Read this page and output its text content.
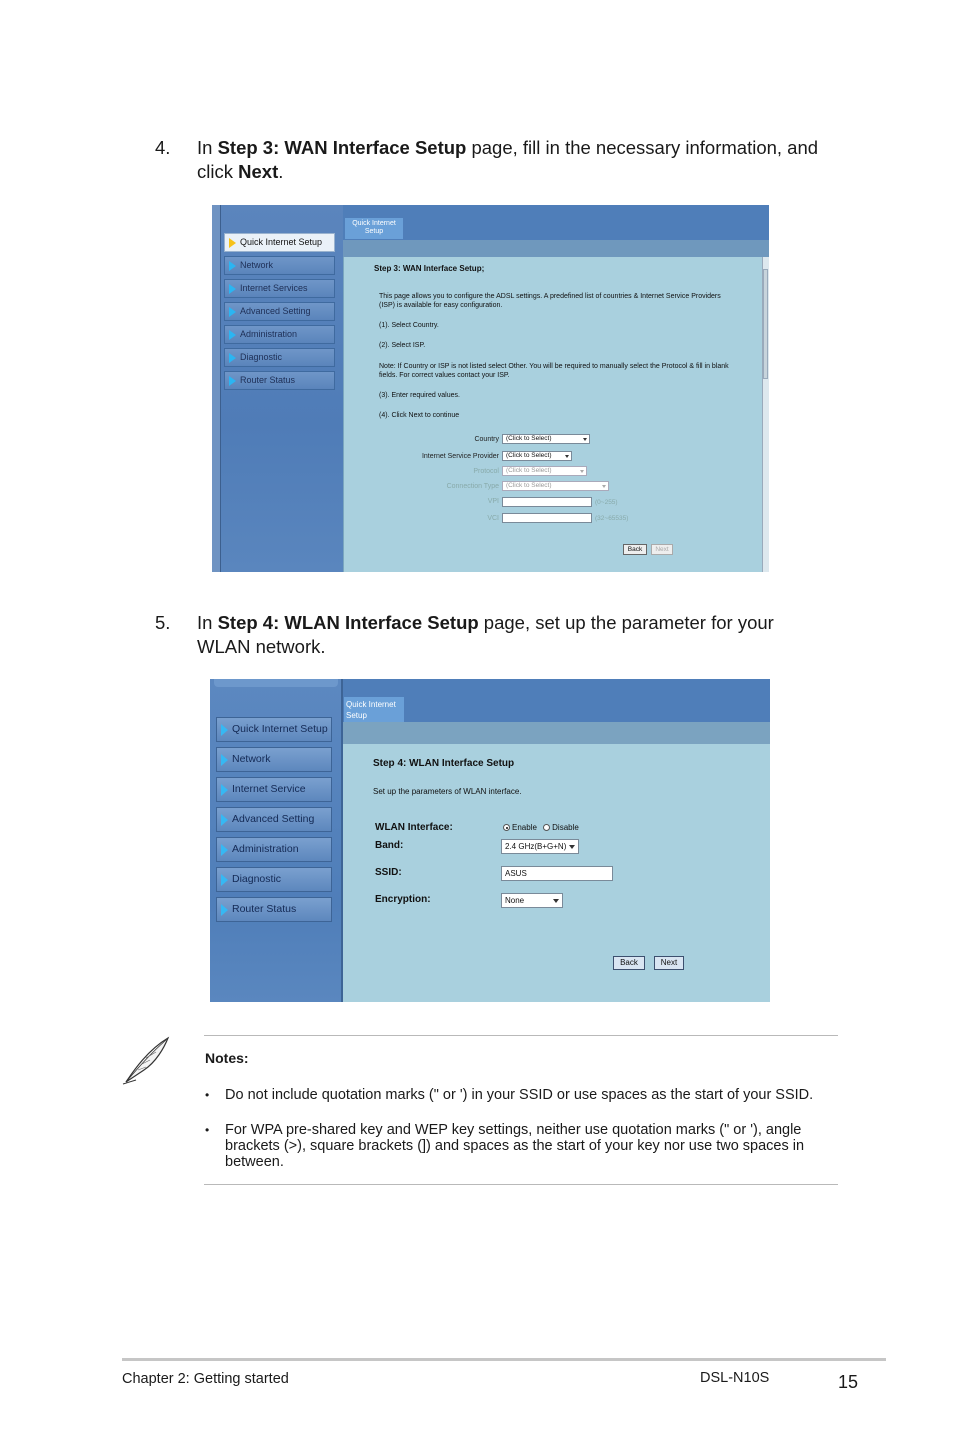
4. In Step 3: WAN Interface Setup page, fill in the necessary information, and click Next.
Quick Internet Setup
Quick Internet Setup
Network
Internet Services
Advanced Setting
Administration
Diagnostic
Router Status
Step 3: WAN Interface Setup;
This page allows you to configure the ADSL settings. A predefined list of countries & Internet Service Providers (ISP) is available for easy configuration.
(1). Select Country.
(2). Select ISP.
Note: If Country or ISP is not listed select Other. You will be required to manually select the Protocol & fill in blank fields. For correct values contact your ISP.
(3). Enter required values.
(4). Click Next to continue
Country	(Click to Select)
Internet Service Provider	(Click to Select)
Protocol	(Click to Select)
Connection Type	(Click to Select)
VPI	(0~255)
VCI	(32~65535)
Back	Next
5. In Step 4: WLAN Interface Setup page, set up the parameter for your WLAN network.
Quick Internet Setup
Quick Internet Setup
Network
Internet Service
Advanced Setting
Administration
Diagnostic
Router Status
Step 4: WLAN Interface Setup
Set up the parameters of WLAN interface.
WLAN Interface:	Enable Disable
Band:	2.4 GHz(B+G+N)
SSID:	ASUS
Encryption:	None
Back	Next
Notes:
• Do not include quotation marks (" or ') in your SSID or use spaces as the start of your SSID.
• For WPA pre-shared key and WEP key settings, neither use quotation marks (" or '), angle brackets (>), square brackets (]) and spaces as the start of your key nor use two spaces in between.
Chapter 2: Getting started	DSL-N10S	15
